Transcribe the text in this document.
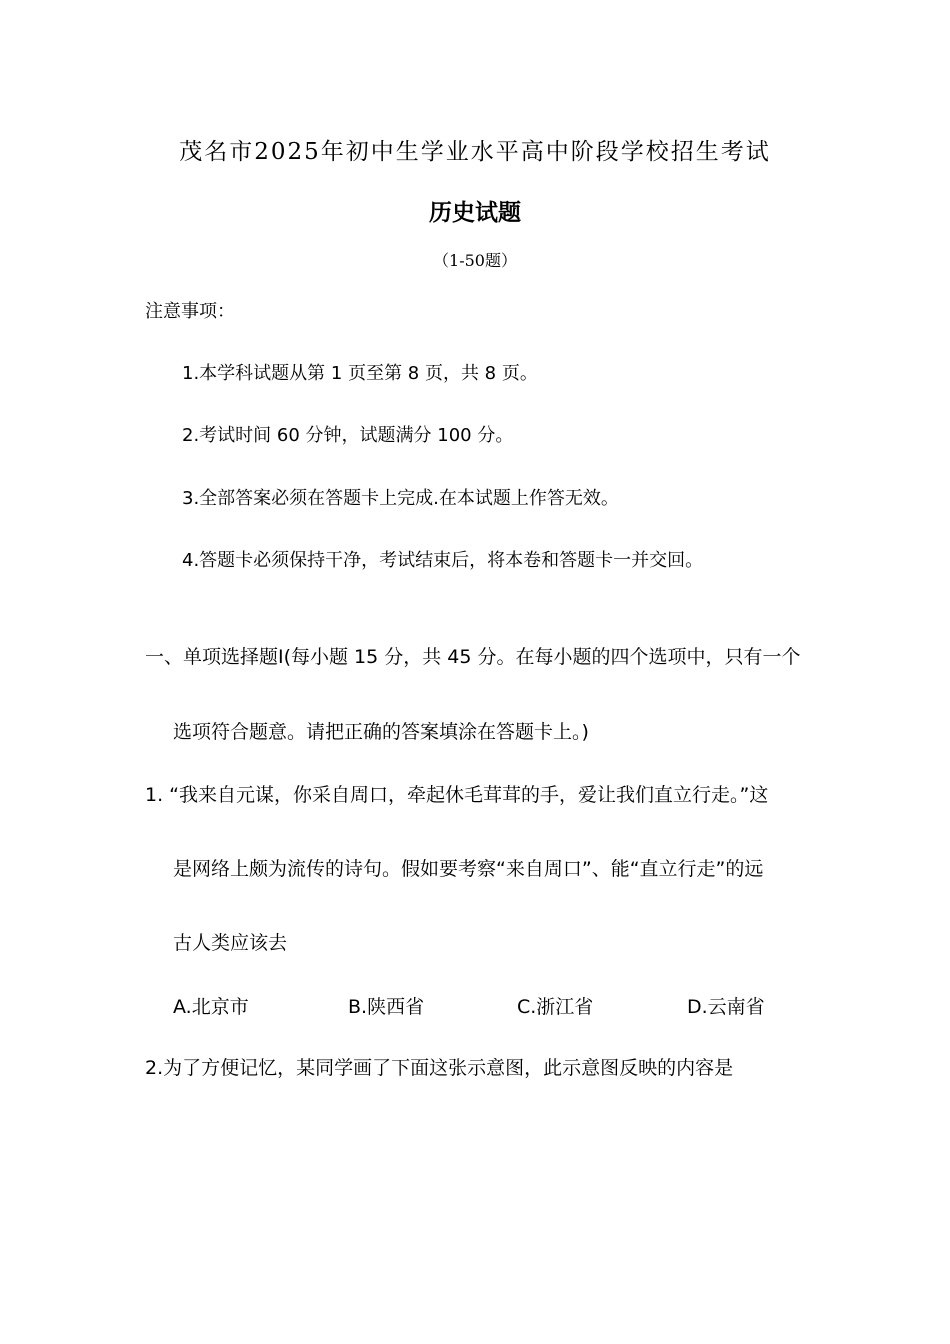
茂名市2025年初中生学业水平高中阶段学校招生考试
历史试题
（1-50题）
注意事项：
1.本学科试题从第 1 页至第 8 页，共 8 页。
2.考试时间 60 分钟，试题满分 100 分。
3.全部答案必须在答题卡上完成.在本试题上作答无效。
4.答题卡必须保持干净，考试结束后，将本卷和答题卡一并交回。
一、单项选择题Ⅰ(每小题 15 分，共 45 分。在每小题的四个选项中，只有一个
选项符合题意。请把正确的答案填涂在答题卡上。)
1. “我来自元谋，你采自周口，牵起休毛茸茸的手，爱让我们直立行走。”这
是网络上颇为流传的诗句。假如要考察“来自周口”、能“直立行走”的远
古人类应该去
A.北京市	B.陕西省	C.浙江省	D.云南省
2.为了方便记忆，某同学画了下面这张示意图，此示意图反映的内容是
